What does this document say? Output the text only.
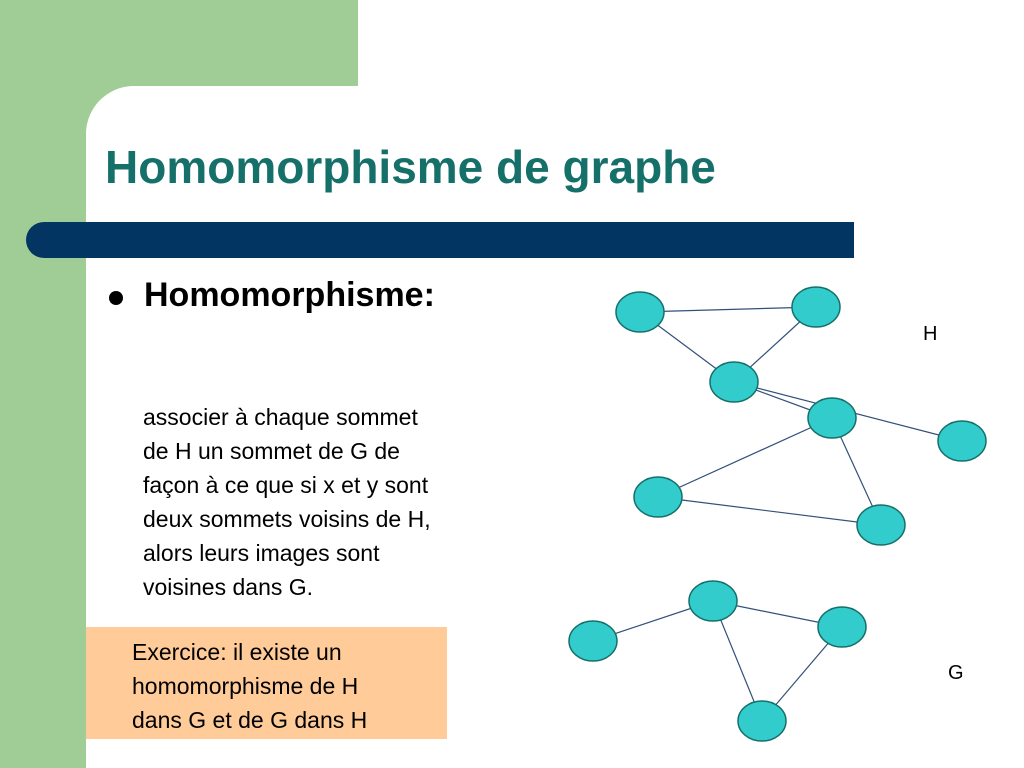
Homomorphisme de graphe
Homomorphisme:
associer à chaque sommet
de H un sommet de G de
façon à ce que si x et y sont
deux sommets voisins de H,
alors leurs images sont
voisines dans G.
Exercice: il existe un
homomorphisme de H
dans G et de G dans H
H
G
